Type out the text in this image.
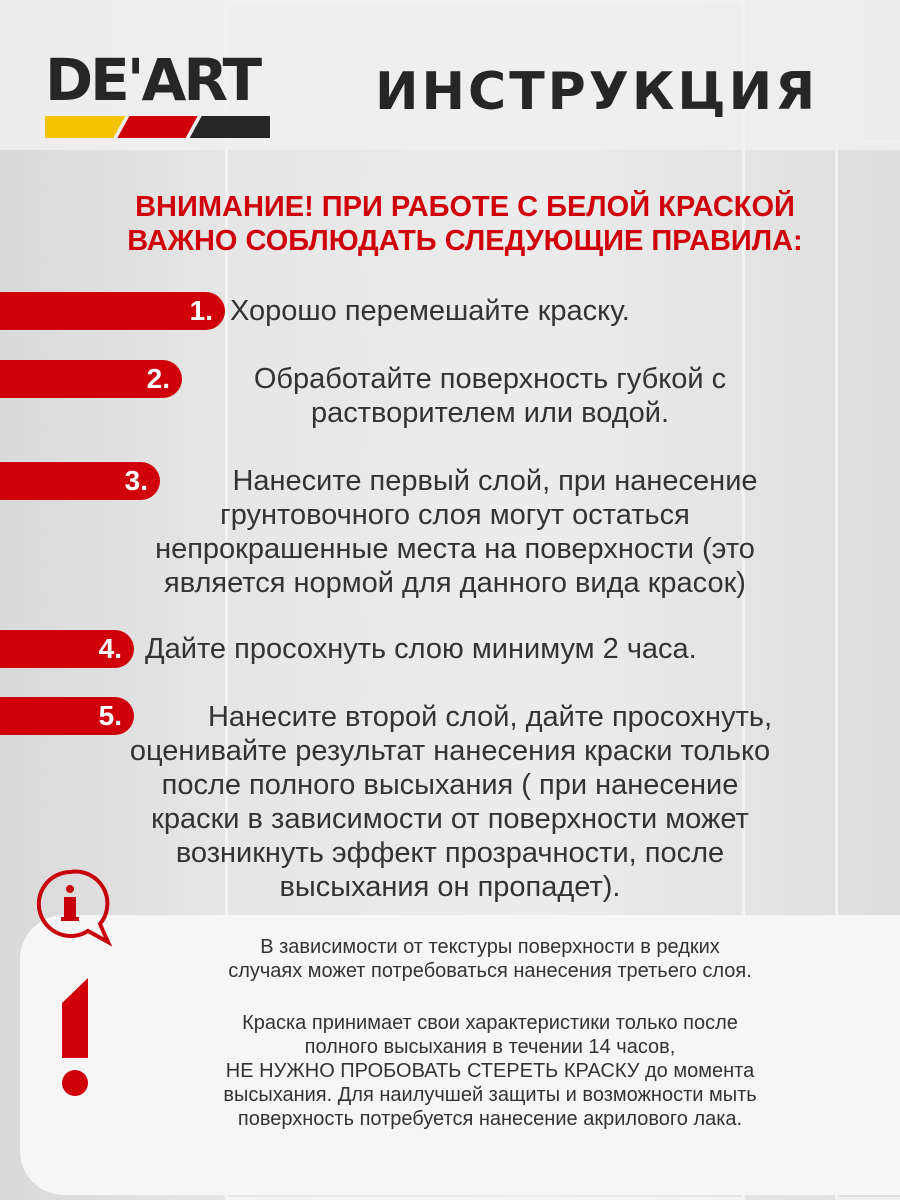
DE'ART ИНСТРУКЦИЯ
ВНИМАНИЕ! ПРИ РАБОТЕ С БЕЛОЙ КРАСКОЙ
ВАЖНО СОБЛЮДАТЬ СЛЕДУЮЩИЕ ПРАВИЛА:
1. Хорошо перемешайте краску.
2.	Обработайте поверхность губкой с
растворителем или водой.
3.	Нанесите первый слой, при нанесение
грунтовочного слоя могут остаться
непрокрашенные места на поверхности (это
является нормой для данного вида красок)
4. Дайте просохнуть слою минимум 2 часа.
5.	Нанесите второй слой, дайте просохнуть,
оценивайте результат нанесения краски только
после полного высыхания ( при нанесение
краски в зависимости от поверхности может
возникнуть эффект прозрачности, после
высыхания он пропадет).

В зависимости от текстуры поверхности в редких
случаях может потребоваться нанесения третьего слоя.

Краска принимает свои характеристики только после
полного высыхания в течении 14 часов,
НЕ НУЖНО ПРОБОВАТЬ СТЕРЕТЬ КРАСКУ до момента
высыхания. Для наилучшей защиты и возможности мыть
поверхность потребуется нанесение акрилового лака.
